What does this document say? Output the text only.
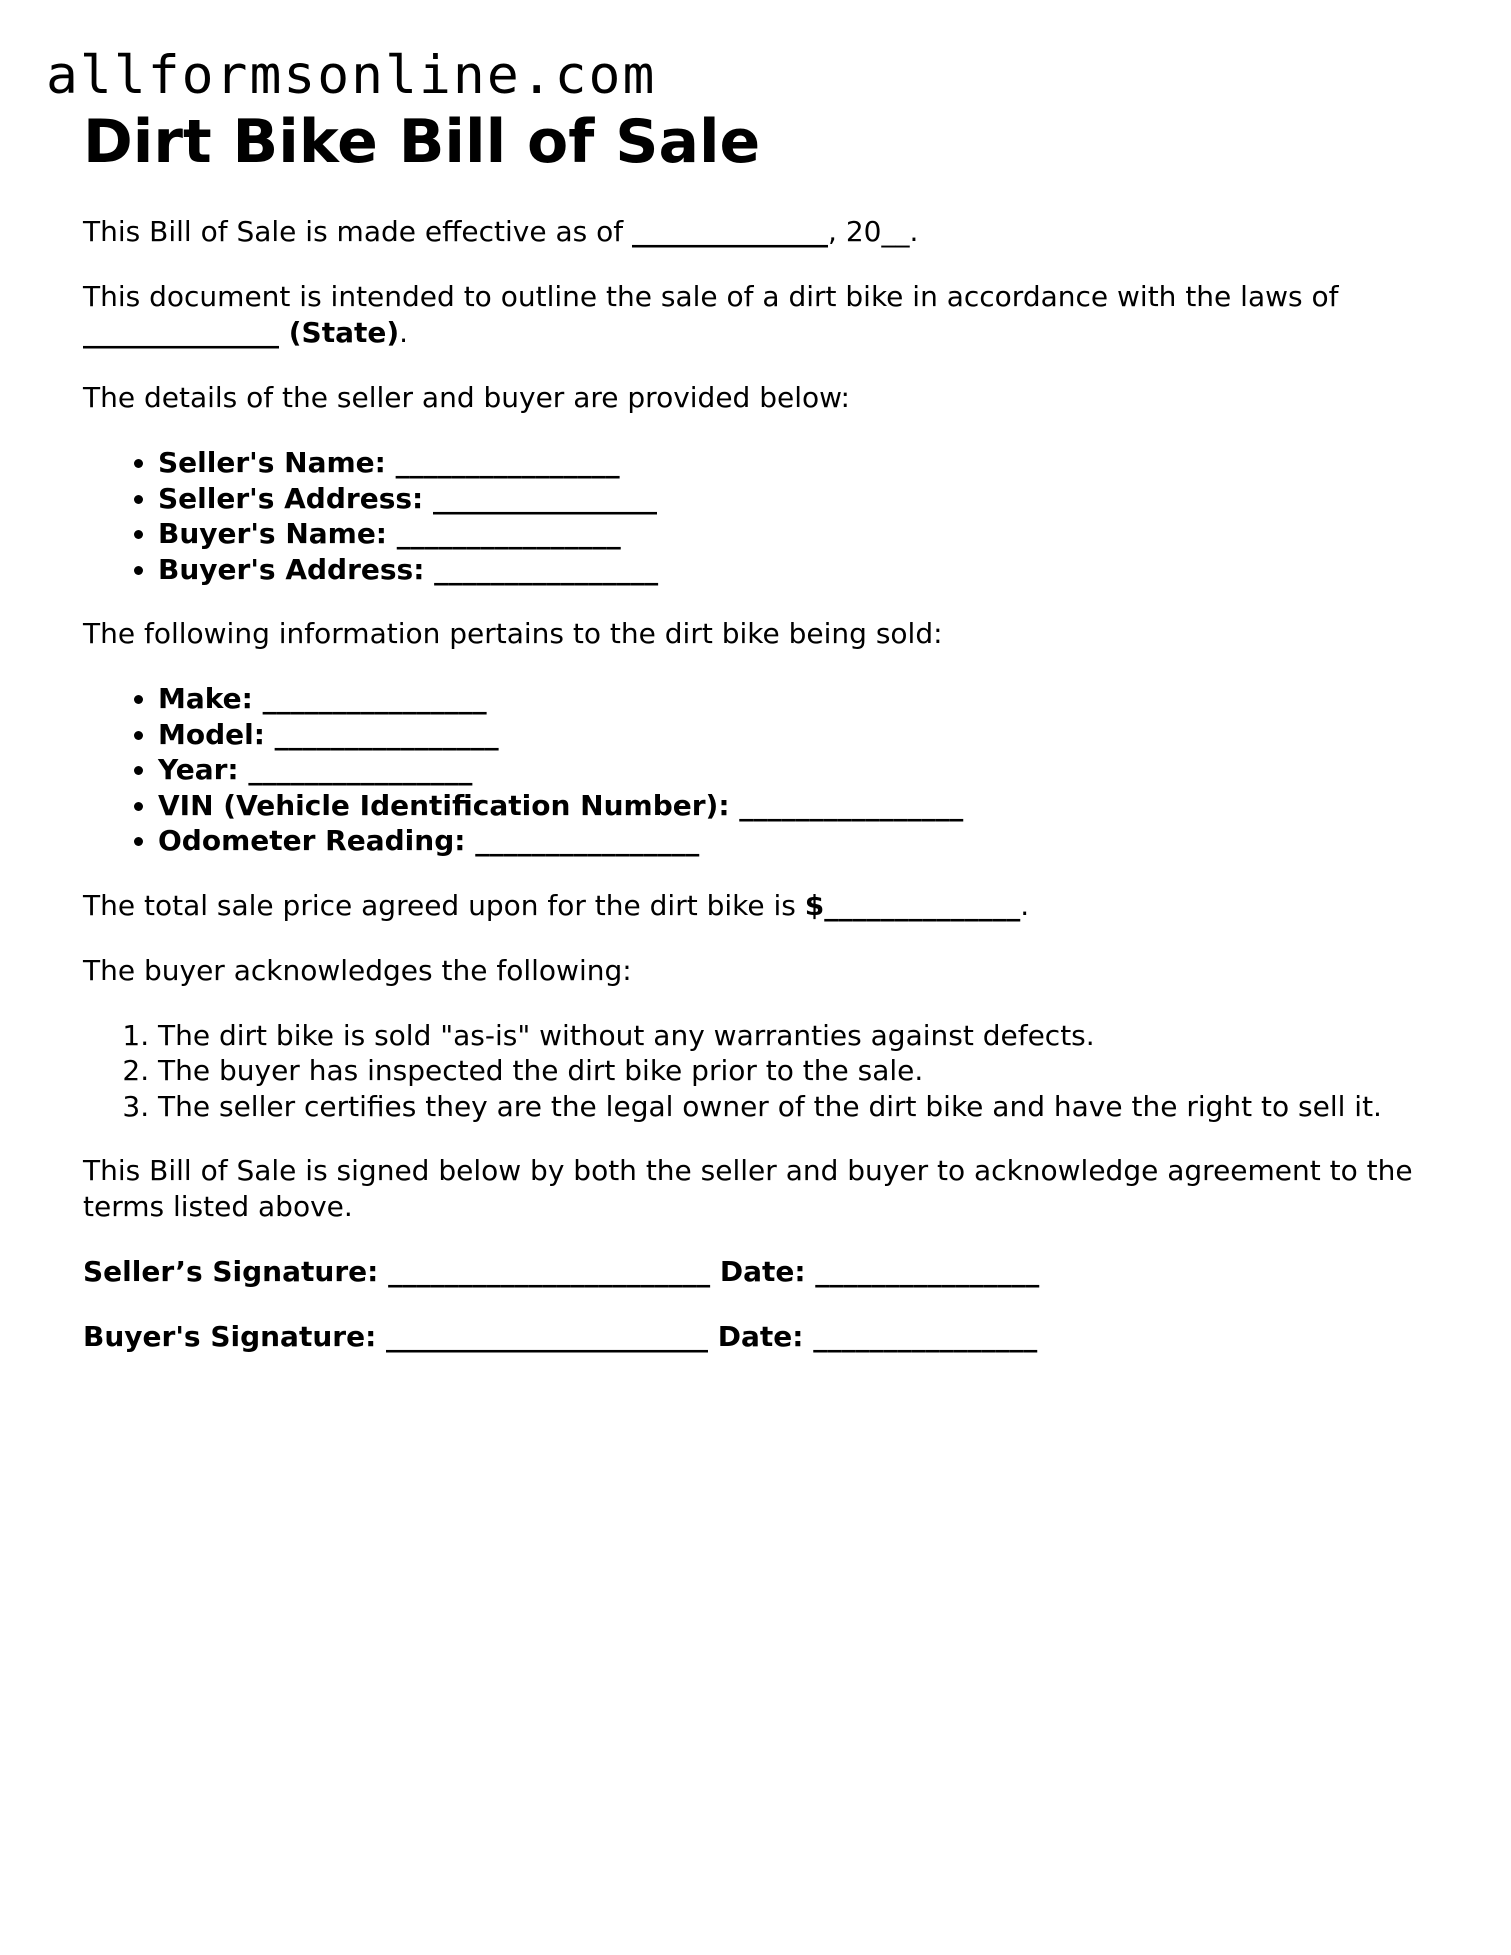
allformsonline.com
Dirt Bike Bill of Sale

This Bill of Sale is made effective as of ______________, 20__.

This document is intended to outline the sale of a dirt bike in accordance with the laws of ______________ (State).

The details of the seller and buyer are provided below:

• Seller's Name: ________________
• Seller's Address: ________________
• Buyer's Name: ________________
• Buyer's Address: ________________

The following information pertains to the dirt bike being sold:

• Make: ________________
• Model: ________________
• Year: ________________
• VIN (Vehicle Identification Number): ________________
• Odometer Reading: ________________

The total sale price agreed upon for the dirt bike is $______________.

The buyer acknowledges the following:

1. The dirt bike is sold "as-is" without any warranties against defects.
2. The buyer has inspected the dirt bike prior to the sale.
3. The seller certifies they are the legal owner of the dirt bike and have the right to sell it.

This Bill of Sale is signed below by both the seller and buyer to acknowledge agreement to the terms listed above.

Seller’s Signature: _______________________ Date: ________________

Buyer's Signature: _______________________ Date: ________________
